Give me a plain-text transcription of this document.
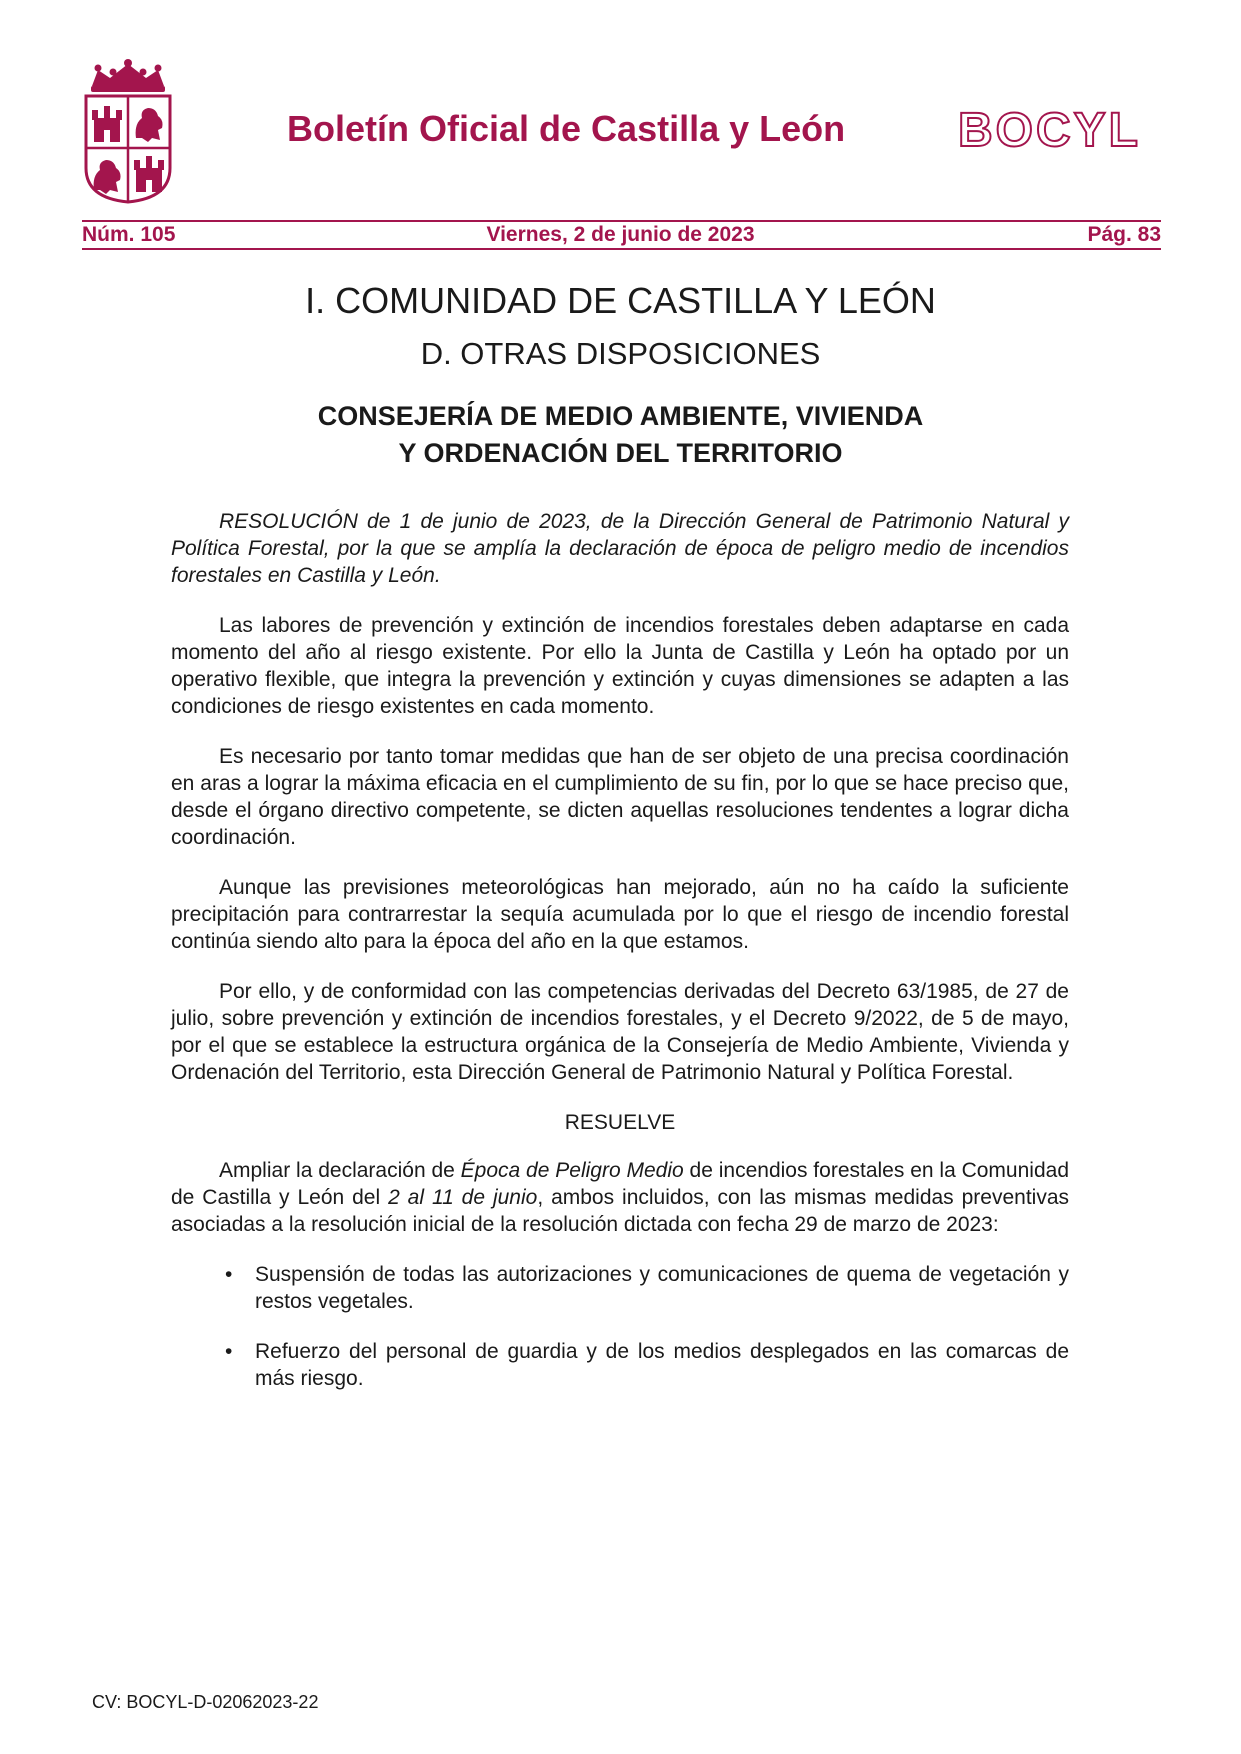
Boletín Oficial de Castilla y León BOCYL
Núm. 105	Viernes, 2 de junio de 2023	Pág. 83
I. COMUNIDAD DE CASTILLA Y LEÓN
D. OTRAS DISPOSICIONES
CONSEJERÍA DE MEDIO AMBIENTE, VIVIENDA
Y ORDENACIÓN DEL TERRITORIO

RESOLUCIÓN de 1 de junio de 2023, de la Dirección General de Patrimonio Natural y Política Forestal, por la que se amplía la declaración de época de peligro medio de incendios forestales en Castilla y León.

Las labores de prevención y extinción de incendios forestales deben adaptarse en cada momento del año al riesgo existente. Por ello la Junta de Castilla y León ha optado por un operativo flexible, que integra la prevención y extinción y cuyas dimensiones se adapten a las condiciones de riesgo existentes en cada momento.

Es necesario por tanto tomar medidas que han de ser objeto de una precisa coordinación en aras a lograr la máxima eficacia en el cumplimiento de su fin, por lo que se hace preciso que, desde el órgano directivo competente, se dicten aquellas resoluciones tendentes a lograr dicha coordinación.

Aunque las previsiones meteorológicas han mejorado, aún no ha caído la suficiente precipitación para contrarrestar la sequía acumulada por lo que el riesgo de incendio forestal continúa siendo alto para la época del año en la que estamos.

Por ello, y de conformidad con las competencias derivadas del Decreto 63/1985, de 27 de julio, sobre prevención y extinción de incendios forestales, y el Decreto 9/2022, de 5 de mayo, por el que se establece la estructura orgánica de la Consejería de Medio Ambiente, Vivienda y Ordenación del Territorio, esta Dirección General de Patrimonio Natural y Política Forestal.

RESUELVE

Ampliar la declaración de Época de Peligro Medio de incendios forestales en la Comunidad de Castilla y León del 2 al 11 de junio, ambos incluidos, con las mismas medidas preventivas asociadas a la resolución inicial de la resolución dictada con fecha 29 de marzo de 2023:

• Suspensión de todas las autorizaciones y comunicaciones de quema de vegetación y restos vegetales.
• Refuerzo del personal de guardia y de los medios desplegados en las comarcas de más riesgo.
CV: BOCYL-D-02062023-22
